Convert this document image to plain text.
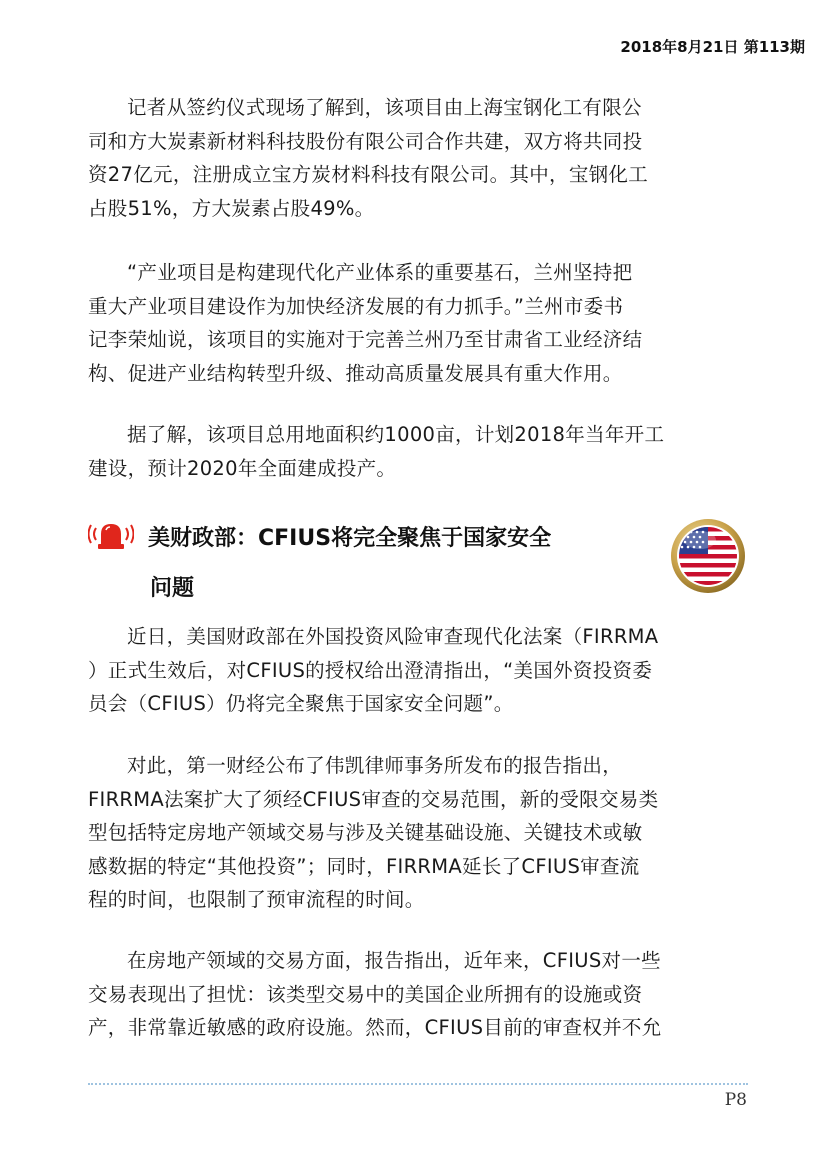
2018年8月21日 第113期

记者从签约仪式现场了解到，该项目由上海宝钢化工有限公
司和方大炭素新材料科技股份有限公司合作共建，双方将共同投
资27亿元，注册成立宝方炭材料科技有限公司。其中，宝钢化工
占股51%，方大炭素占股49%。

“产业项目是构建现代化产业体系的重要基石，兰州坚持把
重大产业项目建设作为加快经济发展的有力抓手。”兰州市委书
记李荣灿说，该项目的实施对于完善兰州乃至甘肃省工业经济结
构、促进产业结构转型升级、推动高质量发展具有重大作用。

据了解，该项目总用地面积约1000亩，计划2018年当年开工
建设，预计2020年全面建成投产。

美财政部：CFIUS将完全聚焦于国家安全
问题

近日，美国财政部在外国投资风险审查现代化法案（FIRRMA
）正式生效后，对CFIUS的授权给出澄清指出，“美国外资投资委
员会（CFIUS）仍将完全聚焦于国家安全问题”。

对此，第一财经公布了伟凯律师事务所发布的报告指出，
FIRRMA法案扩大了须经CFIUS审查的交易范围，新的受限交易类
型包括特定房地产领域交易与涉及关键基础设施、关键技术或敏
感数据的特定“其他投资”；同时，FIRRMA延长了CFIUS审查流
程的时间，也限制了预审流程的时间。

在房地产领域的交易方面，报告指出，近年来，CFIUS对一些
交易表现出了担忧：该类型交易中的美国企业所拥有的设施或资
产，非常靠近敏感的政府设施。然而，CFIUS目前的审查权并不允

P8
